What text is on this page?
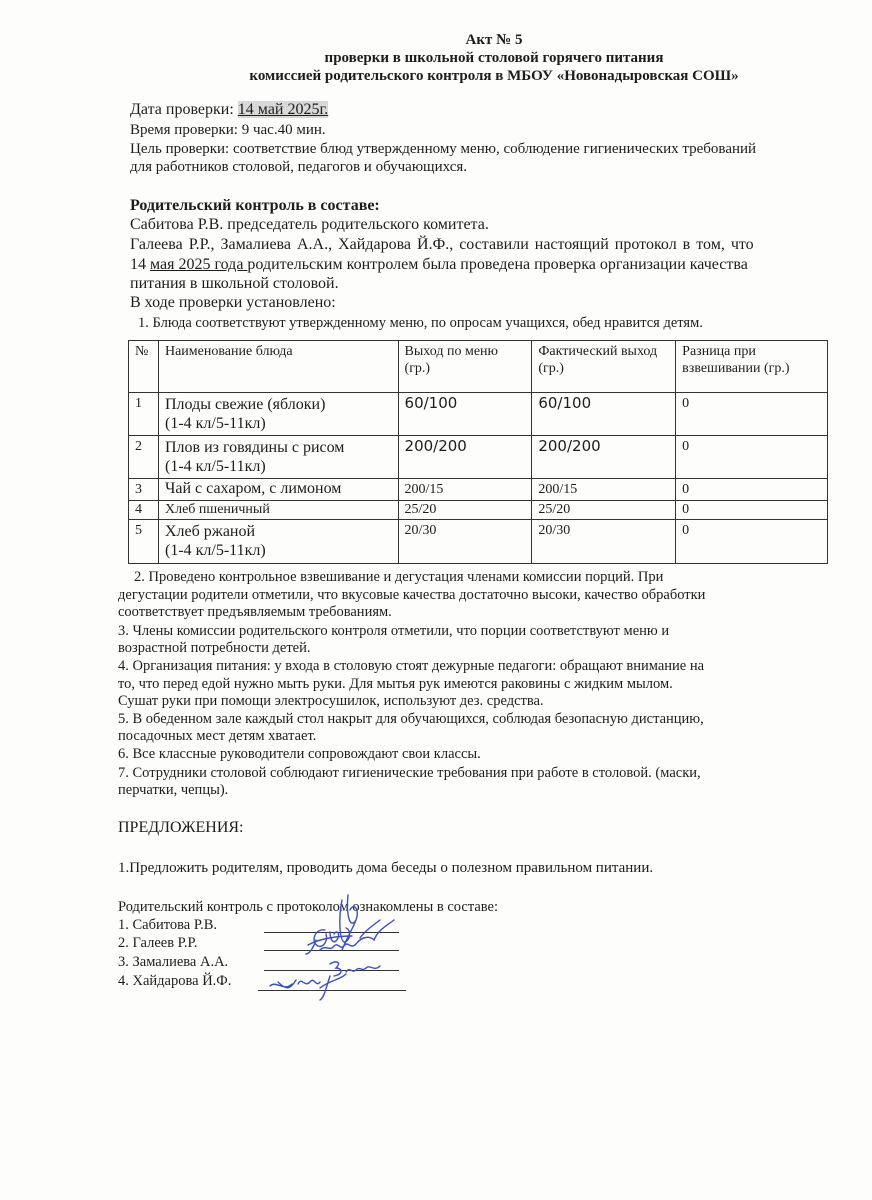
Акт № 5
проверки в школьной столовой горячего питания
комиссией родительского контроля в МБОУ «Новонадыровская СОШ»
Дата проверки: 14 май 2025г.
Время проверки: 9 час.40 мин.
Цель проверки: соответствие блюд утвержденному меню, соблюдение гигиенических требований
для работников столовой, педагогов и обучающихся.
Родительский контроль в составе:
Сабитова Р.В. председатель родительского комитета.
Галеева Р.Р., Замалиева А.А., Хайдарова Й.Ф., составили настоящий протокол в том, что
14 мая 2025 года родительским контролем была проведена проверка организации качества
питания в школьной столовой.
В ходе проверки установлено:
1. Блюда соответствуют утвержденному меню, по опросам учащихся, обед нравится детям.
№	Наименование блюда	Выход по меню (гр.)	Фактический выход (гр.)	Разница при взвешивании (гр.)
1	Плоды свежие (яблоки)
(1-4 кл/5-11кл)	60/100	60/100	0
2	Плов из говядины с рисом
(1-4 кл/5-11кл)	200/200	200/200	0
3	Чай с сахаром, с лимоном	200/15	200/15	0
4	Хлеб пшеничный	25/20	25/20	0
5	Хлеб ржаной
(1-4 кл/5-11кл)	20/30	20/30	0
2. Проведено контрольное взвешивание и дегустация членами комиссии порций. При
дегустации родители отметили, что вкусовые качества достаточно высоки, качество обработки
соответствует предъявляемым требованиям.
3. Члены комиссии родительского контроля отметили, что порции соответствуют меню и
возрастной потребности детей.
4. Организация питания: у входа в столовую стоят дежурные педагоги: обращают внимание на
то, что перед едой нужно мыть руки. Для мытья рук имеются раковины с жидким мылом.
Сушат руки при помощи электросушилок, используют дез. средства.
5. В обеденном зале каждый стол накрыт для обучающихся, соблюдая безопасную дистанцию,
посадочных мест детям хватает.
6. Все классные руководители сопровождают свои классы.
7. Сотрудники столовой соблюдают гигиенические требования при работе в столовой. (маски,
перчатки, чепцы).
ПРЕДЛОЖЕНИЯ:
1.Предложить родителям, проводить дома беседы о полезном правильном питании.
Родительский контроль с протоколом ознакомлены в составе:
1. Сабитова Р.В.
2. Галеев Р.Р.
3. Замалиева А.А.
4. Хайдарова Й.Ф.
